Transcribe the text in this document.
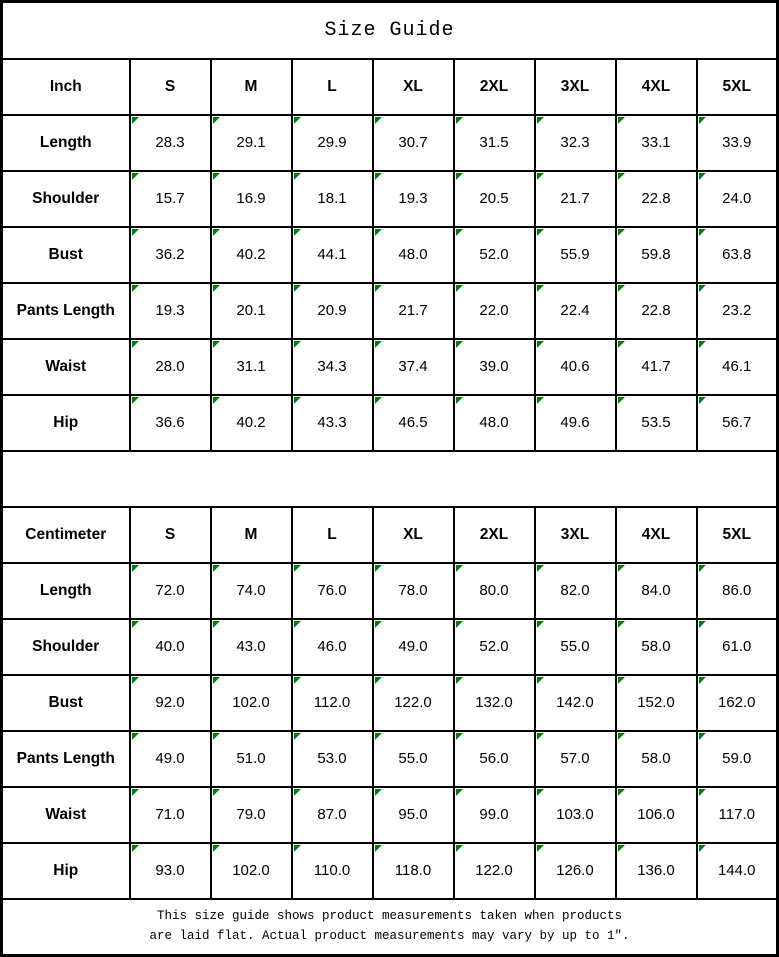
Size Guide								
Inch	S	M	L	XL	2XL	3XL	4XL	5XL
Length	28.3	29.1	29.9	30.7	31.5	32.3	33.1	33.9
Shoulder	15.7	16.9	18.1	19.3	20.5	21.7	22.8	24.0
Bust	36.2	40.2	44.1	48.0	52.0	55.9	59.8	63.8
Pants Length	19.3	20.1	20.9	21.7	22.0	22.4	22.8	23.2
Waist	28.0	31.1	34.3	37.4	39.0	40.6	41.7	46.1
Hip	36.6	40.2	43.3	46.5	48.0	49.6	53.5	56.7

Centimeter	S	M	L	XL	2XL	3XL	4XL	5XL
Length	72.0	74.0	76.0	78.0	80.0	82.0	84.0	86.0
Shoulder	40.0	43.0	46.0	49.0	52.0	55.0	58.0	61.0
Bust	92.0	102.0	112.0	122.0	132.0	142.0	152.0	162.0
Pants Length	49.0	51.0	53.0	55.0	56.0	57.0	58.0	59.0
Waist	71.0	79.0	87.0	95.0	99.0	103.0	106.0	117.0
Hip	93.0	102.0	110.0	118.0	122.0	126.0	136.0	144.0

This size guide shows product measurements taken when products
are laid flat. Actual product measurements may vary by up to 1″.								
